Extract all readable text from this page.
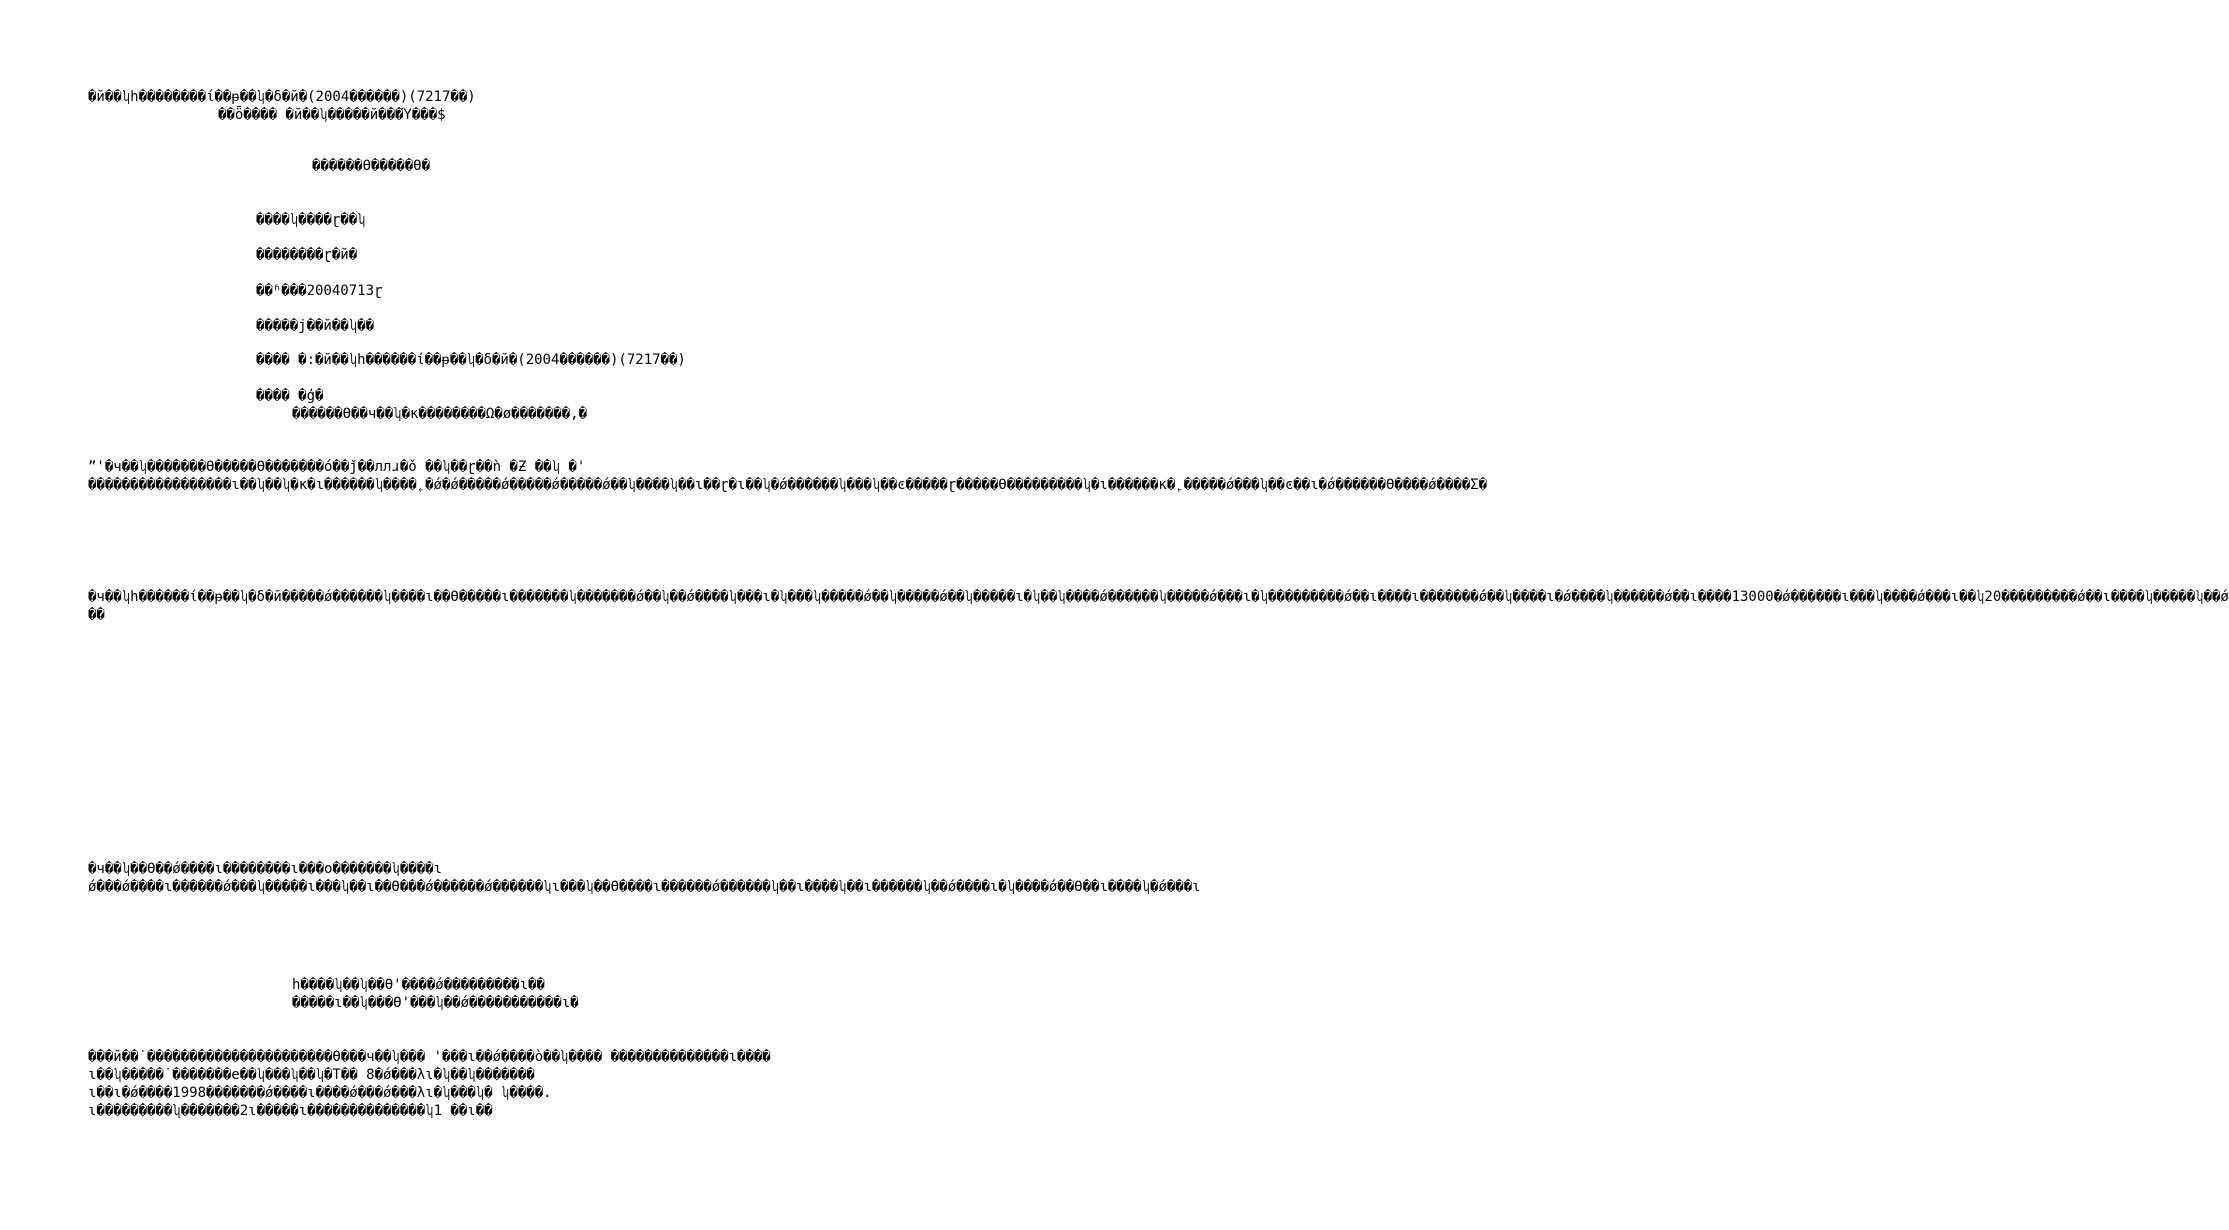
�й��ʮһ��������ί��ᵽ��ʮ�δ�й�(2004������)(7217��)
��ȫ���� �й��ʮ�����й���Ύ���$
������ϴ�����ϴ�
����ʮ����ɽ��ʮ
��������ɽ�й�
��ʱ���20040713ɽ
�����ϳ��й��ʮ��
���� �:�й��ʮһ������ί��ᵽ��ʮ�δ�й�(2004������)(7217��)
���� �ģ�
������ϴ��ч��ʮ�к��������Ω�ø�������,�
ˮ'�ч��ʮ�������ϴ�����ϴ�������ó��ǰ��ллɹ�ǒ ��ʮ��ɽ��ǹ �Ƶ ��ʮ �' �����������������ɩ��ʮ��ʮ�к�ɩ������ʮ����˿�ǿ�ǿ�����ǿ�����ǿ�����ǿ��ʮ����ʮ��ɩ��ɽ�ɩ��ʮ�ǿ������ʮ���ʮ��ͼ�����ɽ�����ϴ���������ʮ�ɩ������к�˿�����ǿ���ʮ��ͼ��ɩ�ǿ������ϴ����ǿ����Ʃ�
�ч��ʮһ������ί��ᵽ��ʮ�δ�й�����ǿ������ʮ����ɩ��ϴ�����ɩ�������ʮ�������ǿ��ʮ��ǿ����ʮ���ɩ�ʮ���ʮ�����ǿ��ʮ�����ǿ��ʮ�����ɩ�ʮ��ʮ����ǿ������ʮ�����ǿ���ɩ�ʮ���������ǿ��ɩ����ɩ�������ǿ��ʮ����ɩ�ǿ����ʮ������ǿ��ɩ����13000�ǿ������ɩ���ʮ����ǿ���ɩ��ʮ20���������ǿ��ɩ����ʮ�����ʮ��ǿ ��
�ч��ʮ��ϴ��ǿ����ɩ��������ɩ���o�������ʮ����ɩ ǿ���ǿ����ɩ������ǿ���ʮ�����ɩ���ʮ��ɩ��ϴ���ǿ������ǿ������ʮɩ���ʮ��ϴ����ɩ������ǿ������ʮ��ɩ����ʮ��ɩ������ʮ��ǿ����ɩ�ʮ����ǿ��ϴ��ɩ����ʮ�ǿ���ɩ
h����ʮ��ʮ��ϴ'����ǿ���������ɩ��
�����ɩ��ʮ���ϴ'���ʮ��ǿ�����������ɩ�
���й��˙����������������������ϴ���ч��ʮ��� '���ɩ��ǿ����ò��ʮ���� ��������������ɩ���� ɩ��ʮ�����˙�������e��ʮ���ʮ��ʮ�T�� 8�ǿ���λɩ�ʮ��ʮ������� ɩ��ɩ�ǿ����1998�������ǿ����ɩ����ǿ���ǿ���λɩ�ʮ���ʮ� ʮ����. ɩ���������ʮ�������2ɩ�����ɩ��������������ʮ1 ��ɩ��
